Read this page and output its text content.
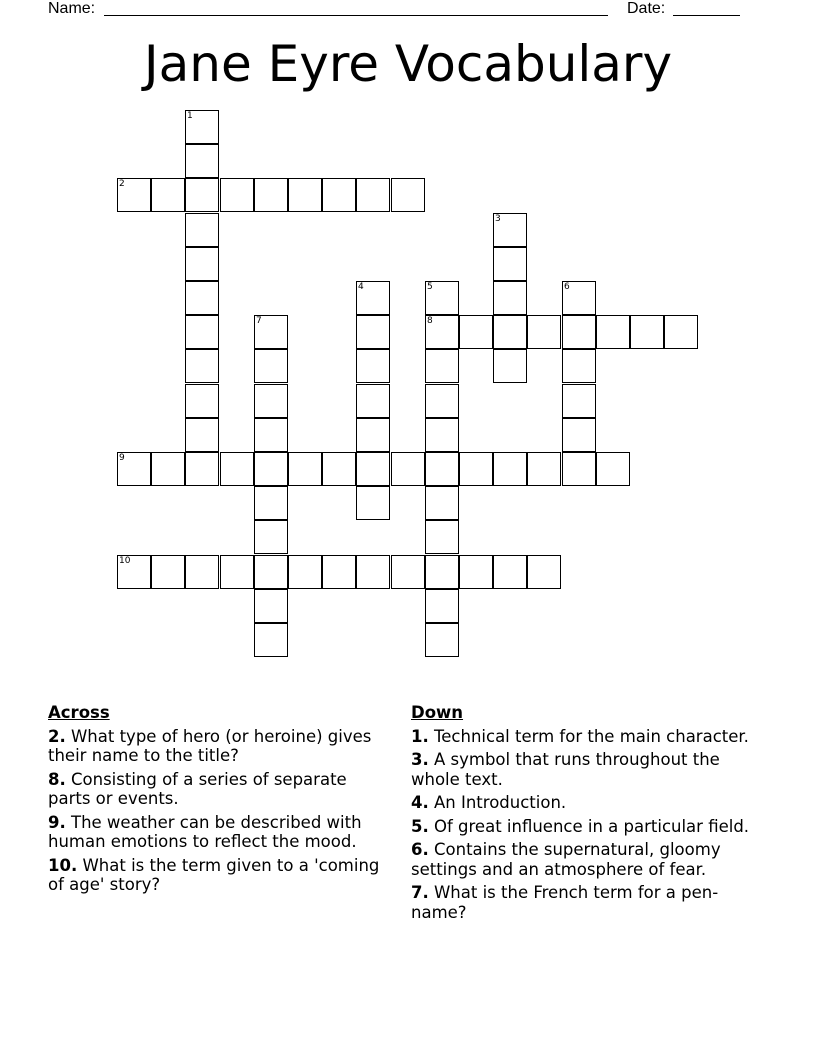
Name:	Date:
Jane Eyre Vocabulary
1
2
3
4	5
8
6
7
9
10
Across
2. What type of hero (or heroine) gives their name to the title?
8. Consisting of a series of separate parts or events.
9. The weather can be described with human emotions to reflect the mood.
10. What is the term given to a 'coming of age' story?
Down
1. Technical term for the main character.
3. A symbol that runs throughout the whole text.
4. An Introduction.
5. Of great influence in a particular field.
6. Contains the supernatural, gloomy settings and an atmosphere of fear.
7. What is the French term for a pen-name?
